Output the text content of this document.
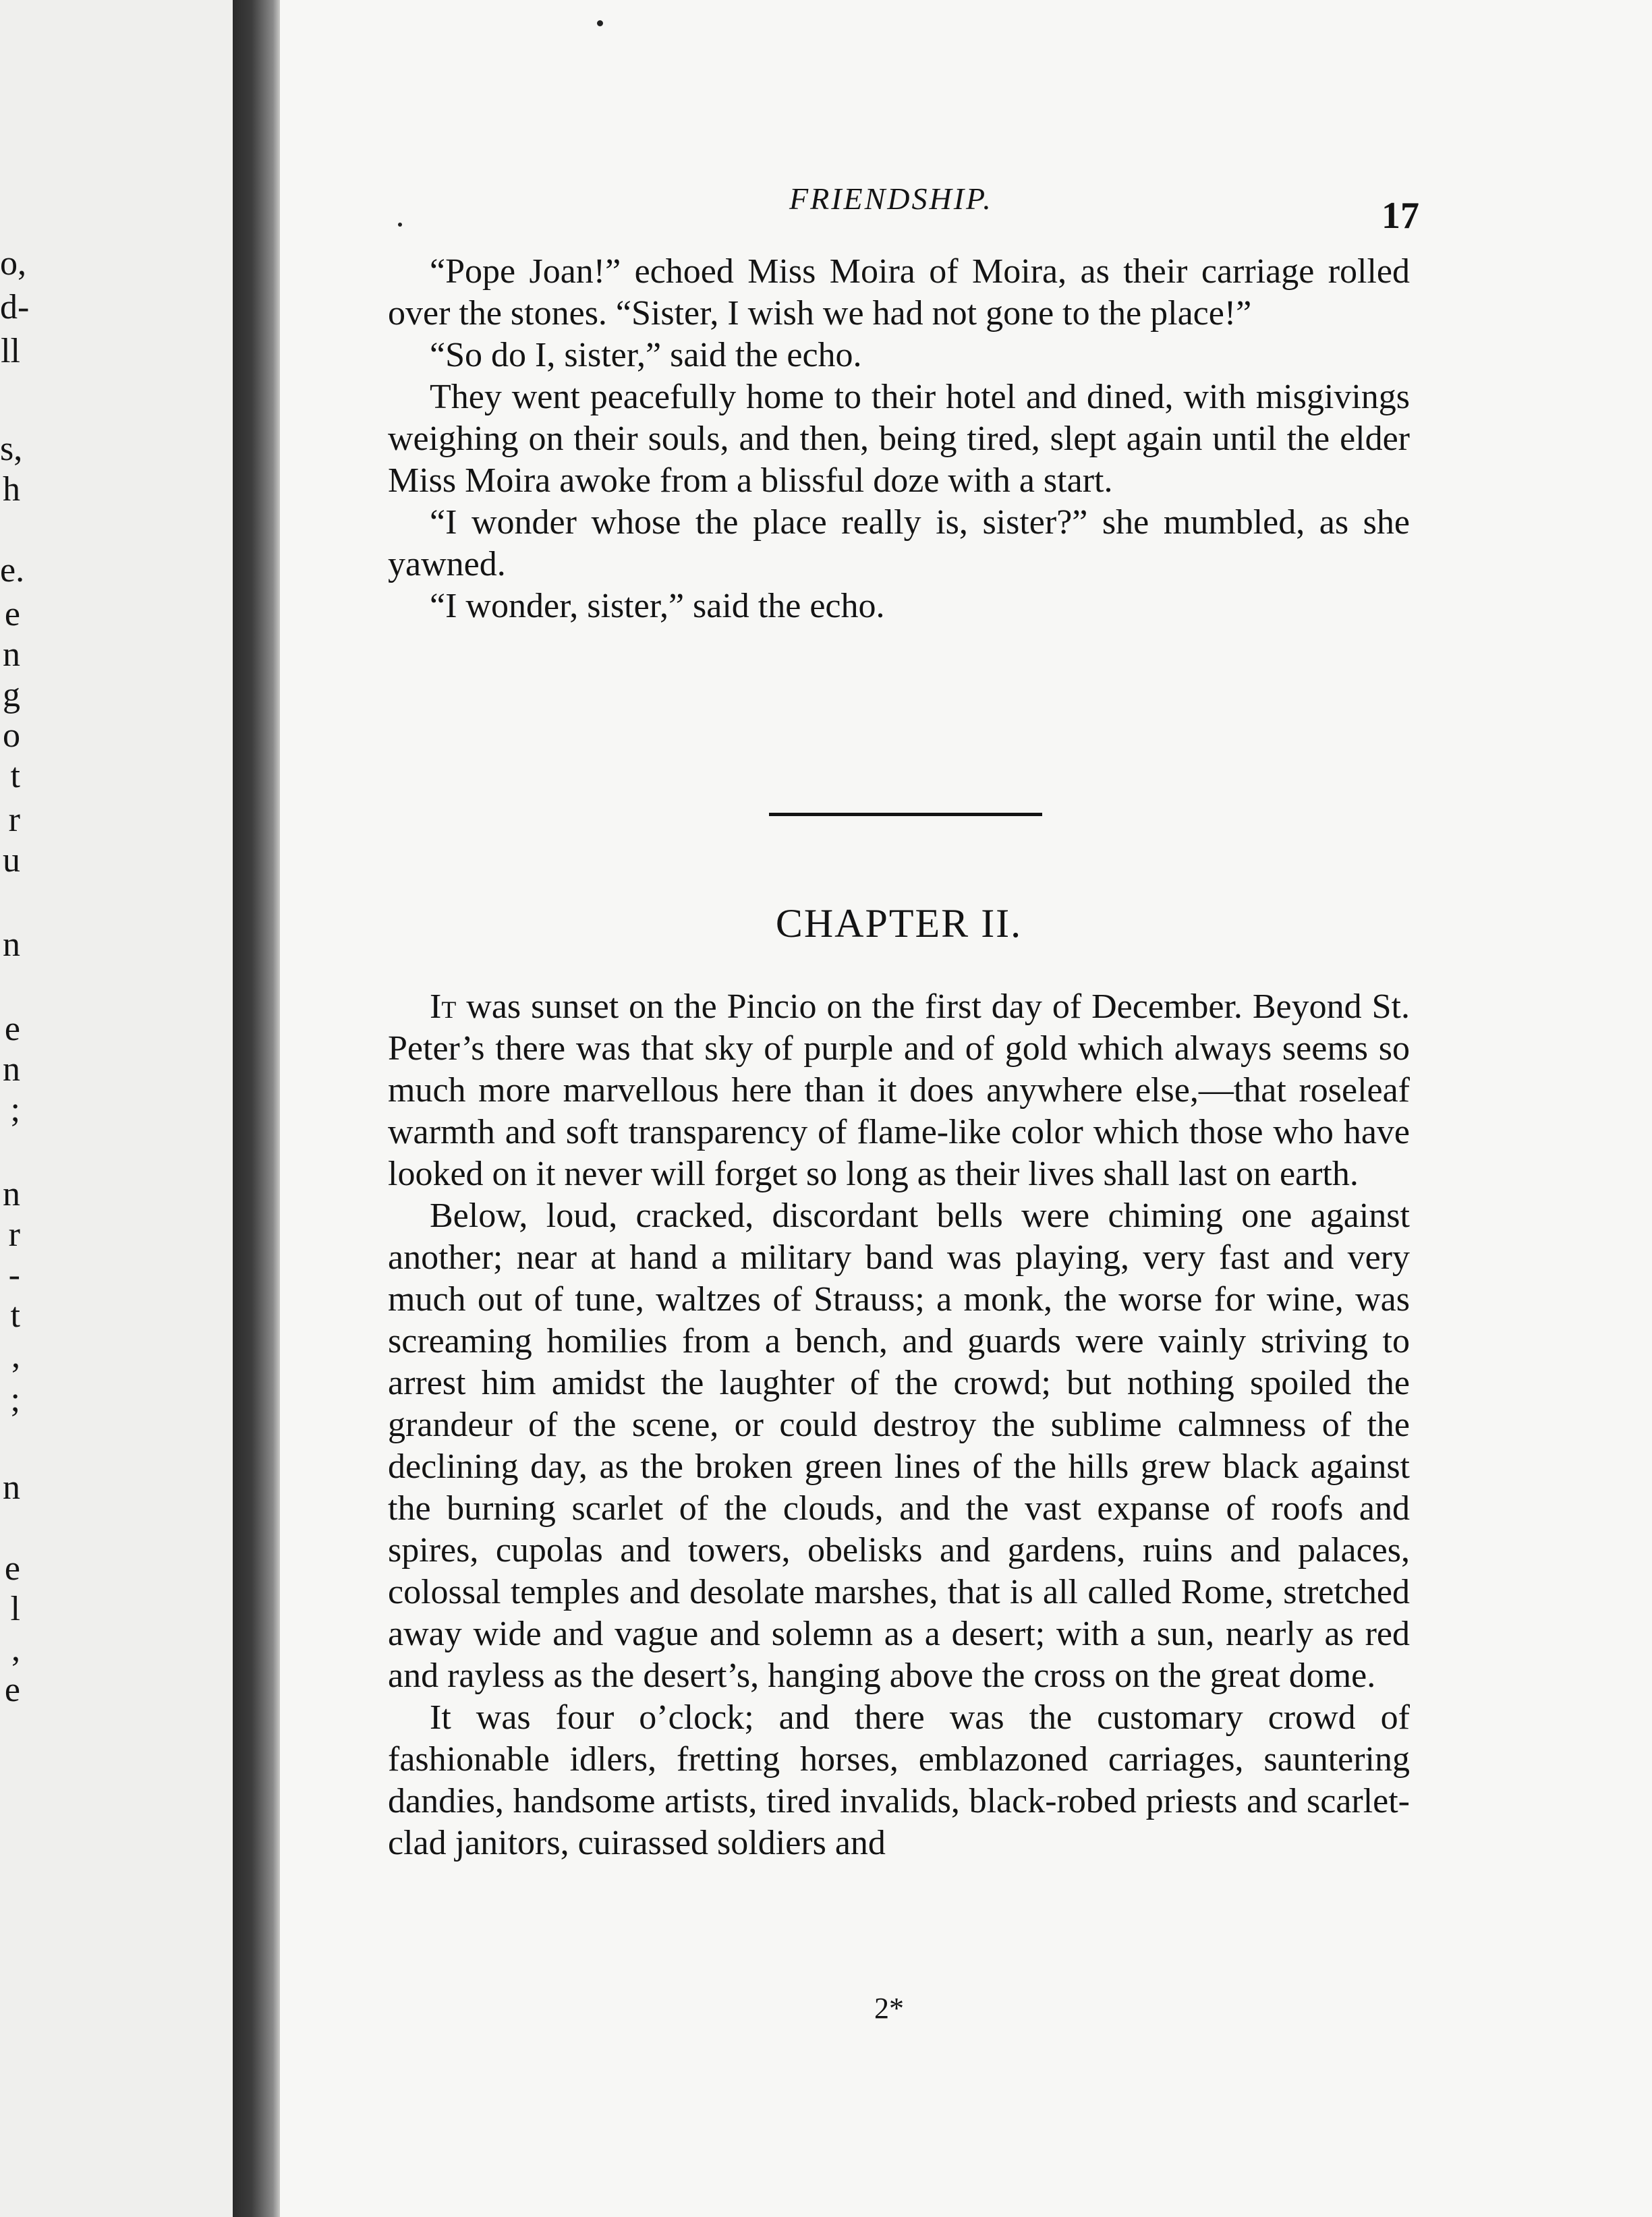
o,
d-
ll
s,
h
e.
e
n
g
o
t
r
u
n
e
n
;
n
r
-
t
,
;
n
e
l
,
e
FRIENDSHIP.	17

“Pope Joan!” echoed Miss Moira of Moira, as their carriage rolled over the stones. “Sister, I wish we had not gone to the place!”

“So do I, sister,” said the echo.

They went peacefully home to their hotel and dined, with misgivings weighing on their souls, and then, being tired, slept again until the elder Miss Moira awoke from a blissful doze with a start.

“I wonder whose the place really is, sister?” she mumbled, as she yawned.

“I wonder, sister,” said the echo.

CHAPTER II.

It was sunset on the Pincio on the first day of December. Beyond St. Peter’s there was that sky of purple and of gold which always seems so much more marvellous here than it does anywhere else,—that roseleaf warmth and soft transparency of flame-like color which those who have looked on it never will forget so long as their lives shall last on earth.

Below, loud, cracked, discordant bells were chiming one against another; near at hand a military band was playing, very fast and very much out of tune, waltzes of Strauss; a monk, the worse for wine, was screaming homilies from a bench, and guards were vainly striving to arrest him amidst the laughter of the crowd; but nothing spoiled the grandeur of the scene, or could destroy the sublime calmness of the declining day, as the broken green lines of the hills grew black against the burning scarlet of the clouds, and the vast expanse of roofs and spires, cupolas and towers, obelisks and gardens, ruins and palaces, colossal temples and desolate marshes, that is all called Rome, stretched away wide and vague and solemn as a desert; with a sun, nearly as red and rayless as the desert’s, hanging above the cross on the great dome.

It was four o’clock; and there was the customary crowd of fashionable idlers, fretting horses, emblazoned carriages, sauntering dandies, handsome artists, tired invalids, black-robed priests and scarlet-clad janitors, cuirassed soldiers and

2*
